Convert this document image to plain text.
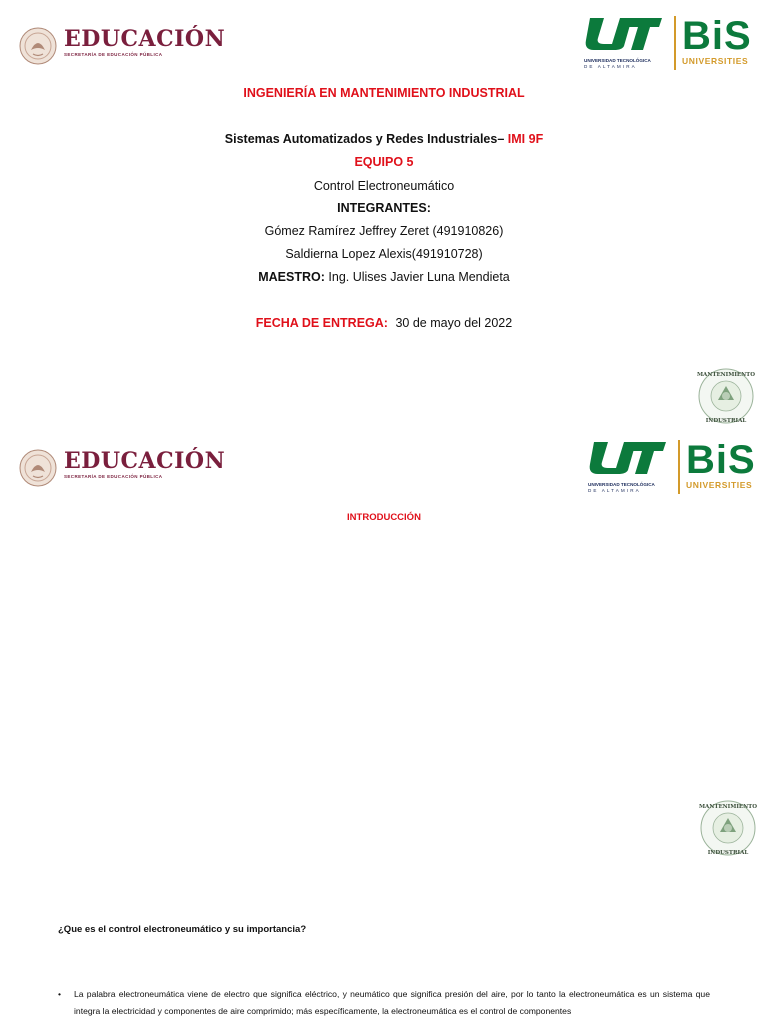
EDUCACIÓN
SECRETARÍA DE EDUCACIÓN PÚBLICA
UNIVERSIDAD TECNOLÓGICA
DE ALTAMIRA
BiS
UNIVERSITIES
INGENIERÍA EN MANTENIMIENTO INDUSTRIAL
Sistemas Automatizados y Redes Industriales– IMI 9F
EQUIPO 5
Control Electroneumático
INTEGRANTES:
Gómez Ramírez Jeffrey Zeret (491910826)
Saldierna Lopez Alexis(491910728)
MAESTRO: Ing. Ulises Javier Luna Mendieta
FECHA DE ENTREGA: 30 de mayo del 2022
MANTENIMIENTO
INDUSTRIAL
EDUCACIÓN
SECRETARÍA DE EDUCACIÓN PÚBLICA
UNIVERSIDAD TECNOLÓGICA
DE ALTAMIRA
BiS
UNIVERSITIES
INTRODUCCIÓN
MANTENIMIENTO
INDUSTRIAL
¿Que es el control electroneumático y su importancia?
•	La palabra electroneumática viene de electro que significa eléctrico, y neumático que significa presión del aire, por lo tanto la electroneumática es un sistema que integra la electricidad y componentes de aire comprimido; más específicamente, la electroneumática es el control de componentes
